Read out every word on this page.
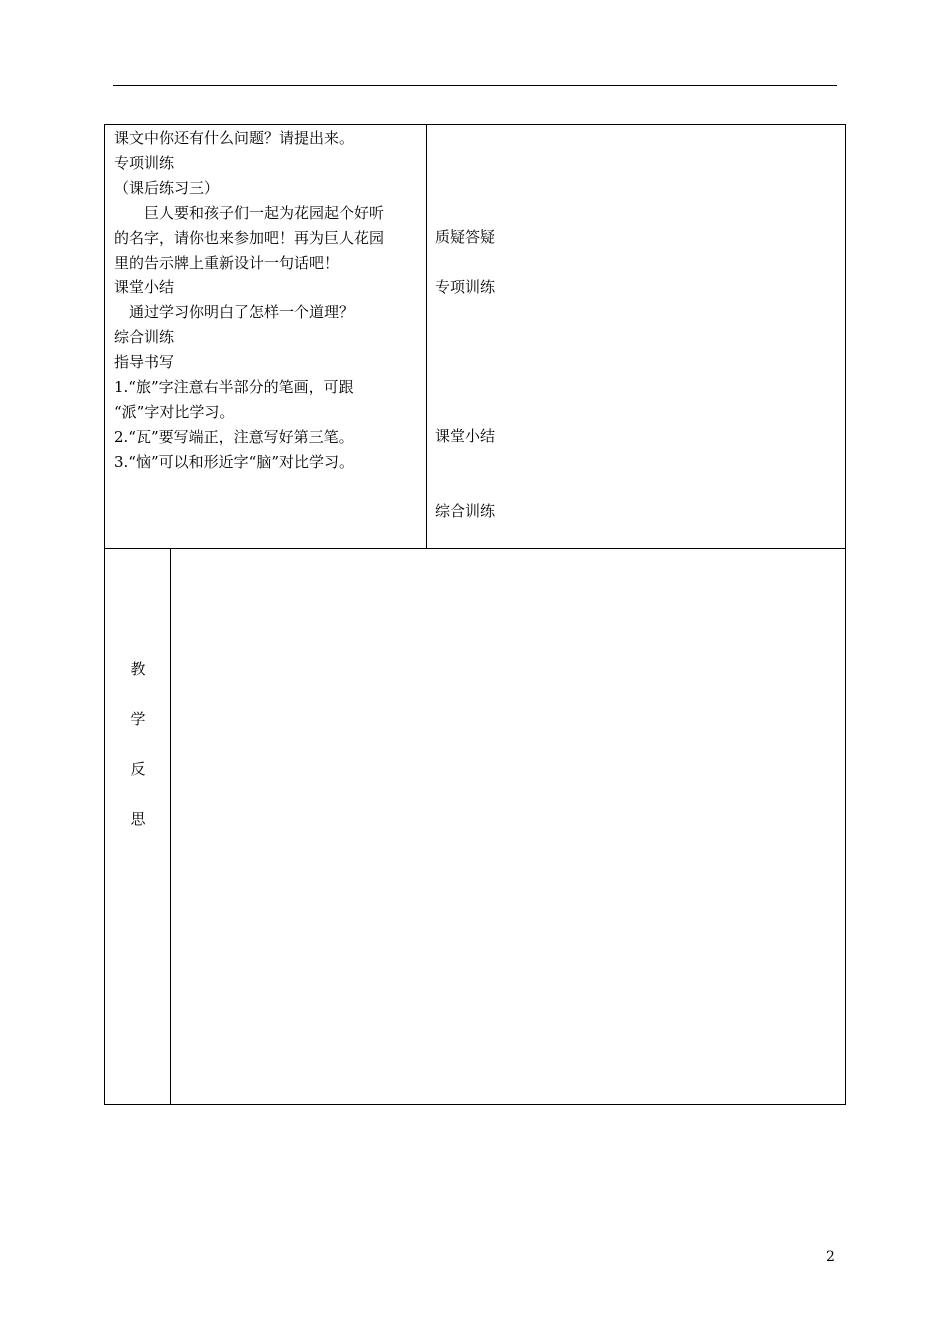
课文中你还有什么问题？请提出来。
专项训练
（课后练习三）
　　巨人要和孩子们一起为花园起个好听
的名字，请你也来参加吧！再为巨人花园
里的告示牌上重新设计一句话吧！
课堂小结
　通过学习你明白了怎样一个道理？
综合训练
指导书写
1.“旅”字注意右半部分的笔画，可跟
“派”字对比学习。
2.“瓦”要写端正，注意写好第三笔。
3.“恼”可以和形近字“脑”对比学习。
质疑答疑
专项训练
课堂小结
综合训练
教
学
反
思
2
